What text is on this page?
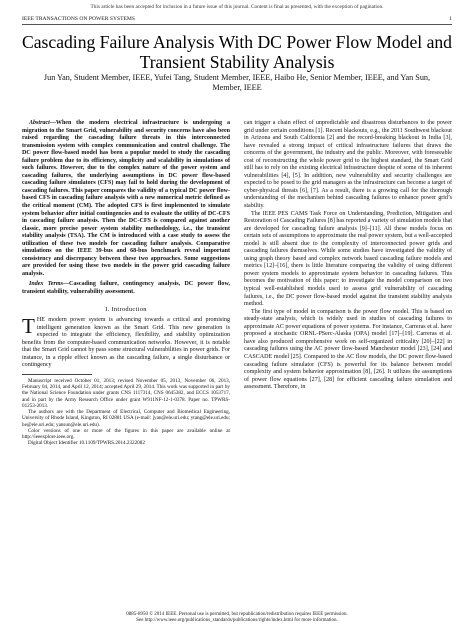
This article has been accepted for inclusion in a future issue of this journal. Content is final as presented, with the exception of pagination.
IEEE TRANSACTIONS ON POWER SYSTEMS	1
Cascading Failure Analysis With DC Power Flow Model and Transient Stability Analysis
Jun Yan, Student Member, IEEE, Yufei Tang, Student Member, IEEE, Haibo He, Senior Member, IEEE, and Yan Sun, Member, IEEE

Abstract—When the modern electrical infrastructure is undergoing a migration to the Smart Grid, vulnerability and security concerns have also been raised regarding the cascading failure threats in this interconnected transmission system with complex communication and control challenge. The DC power flow-based model has been a popular model to study the cascading failure problem due to its efficiency, simplicity and scalability in simulations of such failures. However, due to the complex nature of the power system and cascading failures, the underlying assumptions in DC power flow-based cascading failure simulators (CFS) may fail to hold during the development of cascading failures. This paper compares the validity of a typical DC power flow-based CFS in cascading failure analysis with a new numerical metric defined as the critical moment (CM). The adopted CFS is first implemented to simulate system behavior after initial contingencies and to evaluate the utility of DC-CFS in cascading failure analysis. Then the DC-CFS is compared against another classic, more precise power system stability methodology, i.e., the transient stability analysis (TSA). The CM is introduced with a case study to assess the utilization of these two models for cascading failure analysis. Comparative simulations on the IEEE 39-bus and 68-bus benchmark reveal important consistency and discrepancy between these two approaches. Some suggestions are provided for using these two models in the power grid cascading failure analysis.

Index Terms—Cascading failure, contingency analysis, DC power flow, transient stability, vulnerability assessment.

I. Introduction

THE modern power system is advancing towards a critical and promising intelligent generation known as the Smart Grid. This new generation is expected to integrate the efficiency, flexibility, and stability optimization benefits from the computer-based communication networks. However, it is notable that the Smart Grid cannot by pass some structural vulnerabilities in power grids. For instance, in a ripple effect known as the cascading failure, a single disturbance or contingency

Manuscript received October 01, 2013; revised November 05, 2013, November 06, 2013, February 04, 2014, and April 12, 2014; accepted April 29, 2014. This work was supported in part by the National Science Foundation under grants CNS 1117314, CNS 0645382, and ECCS 1053717, and in part by the Army Research Office under grant W911NF-12-1-0378. Paper no. TPWRS-01253-2013.

The authors are with the Department of Electrical, Computer and Biomedical Engineering, University of Rhode Island, Kingston, RI 02881 USA (e-mail: jyan@ele.uri.edu; ytang@ele.uri.edu; he@ele.uri.edu; yansun@ele.uri.edu).

Color versions of one or more of the figures in this paper are available online at http://ieeexplore.ieee.org.

Digital Object Identifier 10.1109/TPWRS.2014.2322082

can trigger a chain effect of unpredictable and disastrous disturbances to the power grid under certain conditions [1]. Recent blackouts, e.g., the 2011 Southwest blackout in Arizona and South California [2] and the record-breaking blackout in India [3], have revealed a strong impact of critical infrastructure failures that draws the concerns of the government, the industry and the public. Moreover, with foreseeable cost of reconstructing the whole power grid to the highest standard, the Smart Grid still has to rely on the existing electrical infrastructure despite of some of its inherent vulnerabilities [4], [5]. In addition, new vulnerability and security challenges are expected to be posed to the grid managers as the infrastructure can become a target of cyber-physical threats [6], [7]. As a result, there is a growing call for the thorough understanding of the mechanism behind cascading failures to enhance power grid’s stability.

The IEEE PES CAMS Task Force on Understanding, Prediction, Mitigation and Restoration of Cascading Failures [8] has reported a variety of simulation models that are developed for cascading failure analysis [9]–[11]. All these models focus on certain sets of assumptions to approximate the real power system, but a well-accepted model is still absent due to the complexity of interconnected power grids and cascading failures themselves. While some studies have investigated the validity of using graph theory based and complex network based cascading failure models and metrics [12]–[16], there is little literature comparing the validity of using different power system models to approximate system behavior in cascading failures. This becomes the motivation of this paper: to investigate the model comparison on two typical well-established models used to assess grid vulnerability of cascading failures, i.e., the DC power flow-based model against the transient stability analysis method.

The first type of model in comparison is the power flow model. This is based on steady-state analysis, which is widely used in studies of cascading failures to approximate AC power equations of power systems. For instance, Carreras et al. have proposed a stochastic ORNL-PSerc-Alaska (OPA) model [17]–[19]. Carreras et al. have also produced comprehensive work on self-organized criticality [20]–[22] in cascading failures using the AC power flow-based Manchester model [23], [24] and CASCADE model [25]. Compared to the AC flow models, the DC power flow-based cascading failure simulator (CFS) is powerful for its balance between model complexity and system behavior approximation [8], [26]. It utilizes the assumptions of power flow equations [27], [28] for efficient cascading failure simulation and assessment. Therefore, in

0885-8950 © 2014 IEEE. Personal use is permitted, but republication/redistribution requires IEEE permission.
See http://www.ieee.org/publications_standards/publications/rights/index.html for more information.
